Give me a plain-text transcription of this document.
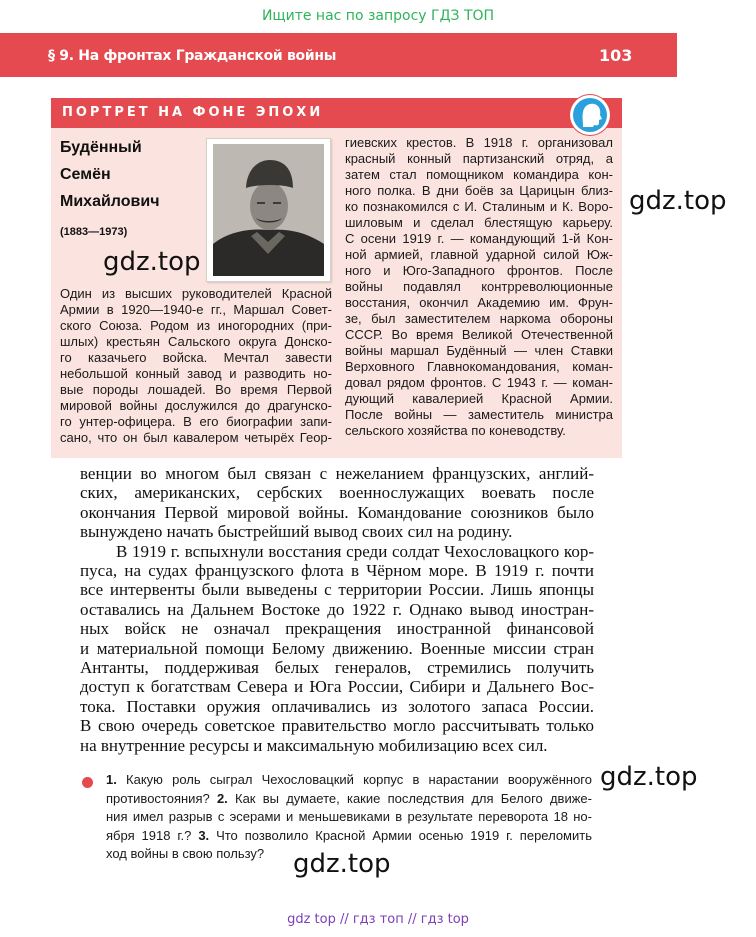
Ищите нас по запросу ГДЗ ТОП
§ 9. На фронтах Гражданской войны	103
ПОРТРЕТ НА ФОНЕ ЭПОХИ
Будённый
Семён
Михайлович
(1883—1973)
Один из высших руководителей Красной
Армии в 1920—1940-е гг., Маршал Совет-
ского Союза. Родом из иногородних (при-
шлых) крестьян Сальского округа Донско-
го казачьего войска. Мечтал завести
небольшой конный завод и разводить но-
вые породы лошадей. Во время Первой
мировой войны дослужился до драгунско-
го унтер-офицера. В его биографии запи-
сано, что он был кавалером четырёх Геор-
гиевских крестов. В 1918 г. организовал
красный конный партизанский отряд, а
затем стал помощником командира кон-
ного полка. В дни боёв за Царицын близ-
ко познакомился с И. Сталиным и К. Воро-
шиловым и сделал блестящую карьеру.
С осени 1919 г. — командующий 1-й Кон-
ной армией, главной ударной силой Юж-
ного и Юго-Западного фронтов. После
войны подавлял контрреволюционные
восстания, окончил Академию им. Фрун-
зе, был заместителем наркома обороны
СССР. Во время Великой Отечественной
войны маршал Будённый — член Ставки
Верховного Главнокомандования, коман-
довал рядом фронтов. С 1943 г. — коман-
дующий кавалерией Красной Армии.
После войны — заместитель министра
сельского хозяйства по коневодству.
венции во многом был связан с нежеланием французских, англий-
ских, американских, сербских военнослужащих воевать после
окончания Первой мировой войны. Командование союзников было
вынуждено начать быстрейший вывод своих сил на родину.
В 1919 г. вспыхнули восстания среди солдат Чехословацкого кор-
пуса, на судах французского флота в Чёрном море. В 1919 г. почти
все интервенты были выведены с территории России. Лишь японцы
оставались на Дальнем Востоке до 1922 г. Однако вывод иностран-
ных войск не означал прекращения иностранной финансовой
и материальной помощи Белому движению. Военные миссии стран
Антанты, поддерживая белых генералов, стремились получить
доступ к богатствам Севера и Юга России, Сибири и Дальнего Вос-
тока. Поставки оружия оплачивались из золотого запаса России.
В свою очередь советское правительство могло рассчитывать только
на внутренние ресурсы и максимальную мобилизацию всех сил.
1. Какую роль сыграл Чехословацкий корпус в нарастании вооружённого
противостояния? 2. Как вы думаете, какие последствия для Белого движе-
ния имел разрыв с эсерами и меньшевиками в результате переворота 18 но-
ября 1918 г.? 3. Что позволило Красной Армии осенью 1919 г. переломить
ход войны в свою пользу?
gdz.top
gdz.top
gdz.top
gdz.top
gdz top // гдз топ // гдз top
